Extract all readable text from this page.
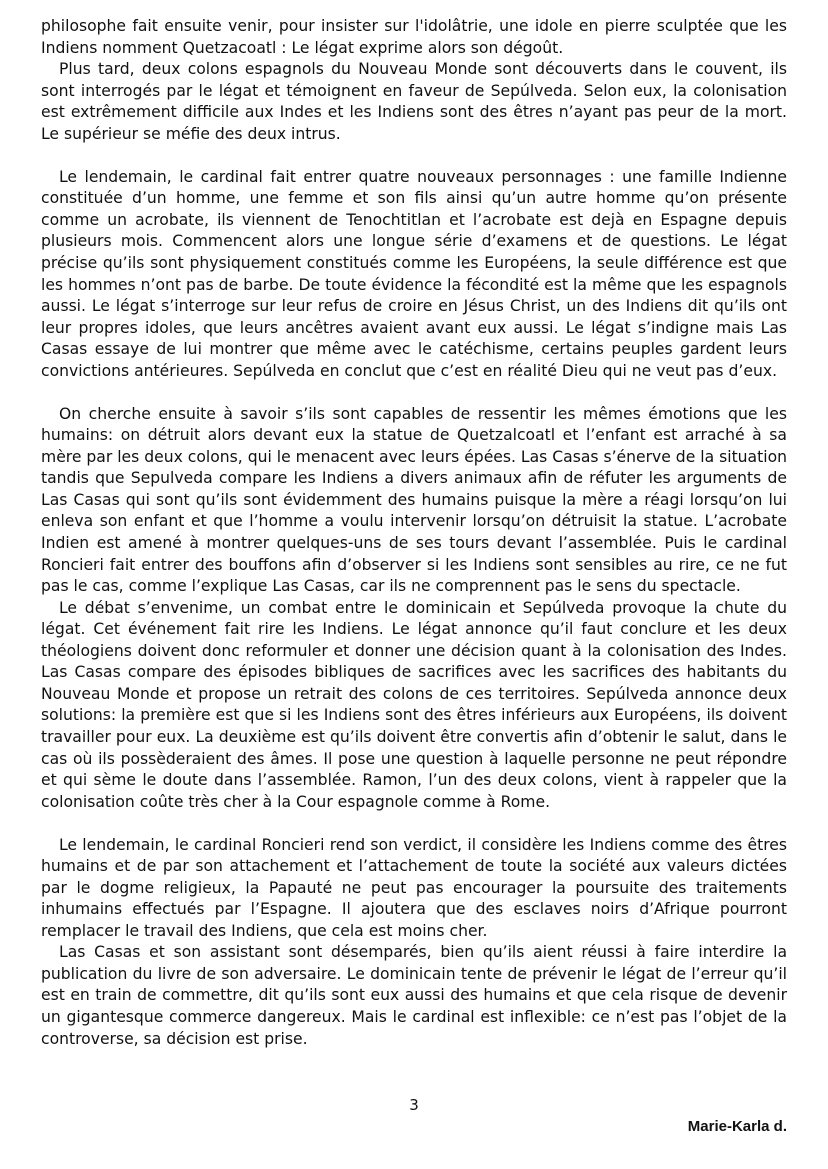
philosophe fait ensuite venir, pour insister sur l'idolâtrie, une idole en pierre sculptée que les Indiens nomment Quetzacoatl : Le légat exprime alors son dégoût.

Plus tard, deux colons espagnols du Nouveau Monde sont découverts dans le couvent, ils sont interrogés par le légat et témoignent en faveur de Sepúlveda. Selon eux, la colonisation est extrêmement difficile aux Indes et les Indiens sont des êtres n’ayant pas peur de la mort. Le supérieur se méfie des deux intrus.

Le lendemain, le cardinal fait entrer quatre nouveaux personnages : une famille Indienne constituée d’un homme, une femme et son fils ainsi qu’un autre homme qu’on présente comme un acrobate, ils viennent de Tenochtitlan et l’acrobate est dejà en Espagne depuis plusieurs mois. Commencent alors une longue série d’examens et de questions. Le légat précise qu’ils sont physiquement constitués comme les Européens, la seule différence est que les hommes n’ont pas de barbe. De toute évidence la fécondité est la même que les espagnols aussi. Le légat s’interroge sur leur refus de croire en Jésus Christ, un des Indiens dit qu’ils ont leur propres idoles, que leurs ancêtres avaient avant eux aussi. Le légat s’indigne mais Las Casas essaye de lui montrer que même avec le catéchisme, certains peuples gardent leurs convictions antérieures. Sepúlveda en conclut que c’est en réalité Dieu qui ne veut pas d’eux.

On cherche ensuite à savoir s’ils sont capables de ressentir les mêmes émotions que les humains: on détruit alors devant eux la statue de Quetzalcoatl et l’enfant est arraché à sa mère par les deux colons, qui le menacent avec leurs épées. Las Casas s’énerve de la situation tandis que Sepulveda compare les Indiens a divers animaux afin de réfuter les arguments de Las Casas qui sont qu’ils sont évidemment des humains puisque la mère a réagi lorsqu’on lui enleva son enfant et que l’homme a voulu intervenir lorsqu’on détruisit la statue. L’acrobate Indien est amené à montrer quelques-uns de ses tours devant l’assemblée. Puis le cardinal Roncieri fait entrer des bouffons afin d’observer si les Indiens sont sensibles au rire, ce ne fut pas le cas, comme l’explique Las Casas, car ils ne comprennent pas le sens du spectacle.

Le débat s’envenime, un combat entre le dominicain et Sepúlveda provoque la chute du légat. Cet événement fait rire les Indiens. Le légat annonce qu’il faut conclure et les deux théologiens doivent donc reformuler et donner une décision quant à la colonisation des Indes. Las Casas compare des épisodes bibliques de sacrifices avec les sacrifices des habitants du Nouveau Monde et propose un retrait des colons de ces territoires. Sepúlveda annonce deux solutions: la première est que si les Indiens sont des êtres inférieurs aux Européens, ils doivent travailler pour eux. La deuxième est qu’ils doivent être convertis afin d’obtenir le salut, dans le cas où ils possèderaient des âmes. Il pose une question à laquelle personne ne peut répondre et qui sème le doute dans l’assemblée. Ramon, l’un des deux colons, vient à rappeler que la colonisation coûte très cher à la Cour espagnole comme à Rome.

Le lendemain, le cardinal Roncieri rend son verdict, il considère les Indiens comme des êtres humains et de par son attachement et l’attachement de toute la société aux valeurs dictées par le dogme religieux, la Papauté ne peut pas encourager la poursuite des traitements inhumains effectués par l’Espagne. Il ajoutera que des esclaves noirs d’Afrique pourront remplacer le travail des Indiens, que cela est moins cher.

Las Casas et son assistant sont désemparés, bien qu’ils aient réussi à faire interdire la publication du livre de son adversaire. Le dominicain tente de prévenir le légat de l’erreur qu’il est en train de commettre, dit qu’ils sont eux aussi des humains et que cela risque de devenir un gigantesque commerce dangereux. Mais le cardinal est inflexible: ce n’est pas l’objet de la controverse, sa décision est prise.

3
Marie-Karla d.
